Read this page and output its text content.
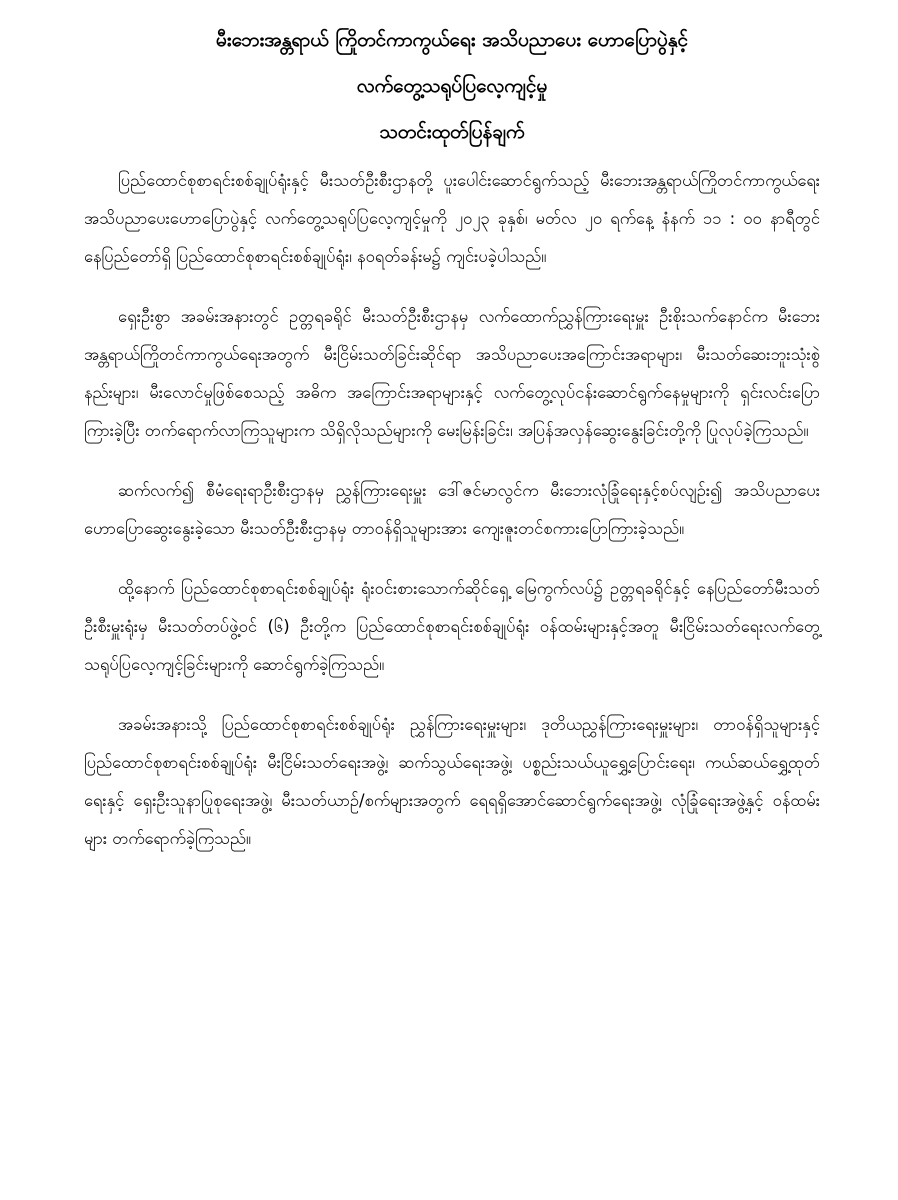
မီးဘေးအန္တရာယ် ကြိုတင်ကာကွယ်ရေး အသိပညာပေး ဟောပြောပွဲနှင့်
လက်တွေ့သရုပ်ပြလေ့ကျင့်မှု
သတင်းထုတ်ပြန်ချက်

ပြည်ထောင်စုစာရင်းစစ်ချုပ်ရုံးနှင့် မီးသတ်ဦးစီးဌာနတို့ ပူးပေါင်းဆောင်ရွက်သည့် မီးဘေးအန္တရာယ်ကြိုတင်ကာကွယ်ရေး အသိပညာပေးဟောပြောပွဲနှင့် လက်တွေ့သရုပ်ပြလေ့ကျင့်မှုကို ၂၀၂၃ ခုနှစ်၊ မတ်လ ၂၀ ရက်နေ့ နံနက် ၁၁ : ၀၀ နာရီတွင် နေပြည်တော်ရှိ ပြည်ထောင်စုစာရင်းစစ်ချုပ်ရုံး၊ န၀ရတ်ခန်းမ၌ ကျင်းပခဲ့ပါသည်။

ရှေးဦးစွာ အခမ်းအနားတွင် ဥတ္တရခရိုင် မီးသတ်ဦးစီးဌာနမှ လက်ထောက်ညွှန်ကြားရေးမှူး ဦးစိုးသက်နောင်က မီးဘေးအန္တရာယ်ကြိုတင်ကာကွယ်ရေးအတွက် မီးငြိမ်းသတ်ခြင်းဆိုင်ရာ အသိပညာပေးအကြောင်းအရာများ၊ မီးသတ်ဆေးဘူးသုံးစွဲနည်းများ၊ မီးလောင်မှုဖြစ်စေသည့် အဓိက အကြောင်းအရာများနှင့် လက်တွေ့လုပ်ငန်းဆောင်ရွက်နေမှုများကို ရှင်းလင်းပြောကြားခဲ့ပြီး တက်ရောက်လာကြသူများက သိရှိလိုသည်များကို မေးမြန်းခြင်း၊ အပြန်အလှန်ဆွေးနွေးခြင်းတို့ကို ပြုလုပ်ခဲ့ကြသည်။

ဆက်လက်၍ စီမံရေးရာဦးစီးဌာနမှ ညွှန်ကြားရေးမှူး ဒေါ်ဇင်မာလွင်က မီးဘေးလုံခြုံရေးနှင့်စပ်လျဉ်း၍ အသိပညာပေးဟောပြောဆွေးနွေးခဲ့သော မီးသတ်ဦးစီးဌာနမှ တာဝန်ရှိသူများအား ကျေးဇူးတင်စကားပြောကြားခဲ့သည်။

ထို့နောက် ပြည်ထောင်စုစာရင်းစစ်ချုပ်ရုံး ရုံးဝင်းစားသောက်ဆိုင်ရှေ့ မြေကွက်လပ်၌ ဥတ္တရခရိုင်နှင့် နေပြည်တော်မီးသတ်ဦးစီးမှူးရုံးမှ မီးသတ်တပ်ဖွဲ့ဝင် (၆) ဦးတို့က ပြည်ထောင်စုစာရင်းစစ်ချုပ်ရုံး ဝန်ထမ်းများနှင့်အတူ မီးငြိမ်းသတ်ရေးလက်တွေ့သရုပ်ပြလေ့ကျင့်ခြင်းများကို ဆောင်ရွက်ခဲ့ကြသည်။

အခမ်းအနားသို့ ပြည်ထောင်စုစာရင်းစစ်ချုပ်ရုံး ညွှန်ကြားရေးမှူးများ၊ ဒုတိယညွှန်ကြားရေးမှူးများ၊ တာဝန်ရှိသူများနှင့် ပြည်ထောင်စုစာရင်းစစ်ချုပ်ရုံး မီးငြိမ်းသတ်ရေးအဖွဲ့၊ ဆက်သွယ်ရေးအဖွဲ့၊ ပစ္စည်းသယ်ယူရွှေ့ပြောင်းရေး၊ ကယ်ဆယ်ရွှေ့ထုတ်ရေးနှင့် ရှေးဦးသူနာပြုစုရေးအဖွဲ့၊ မီးသတ်ယာဉ်/စက်များအတွက် ရေရရှိအောင်ဆောင်ရွက်ရေးအဖွဲ့၊ လုံခြုံရေးအဖွဲ့နှင့် ဝန်ထမ်းများ တက်ရောက်ခဲ့ကြသည်။
